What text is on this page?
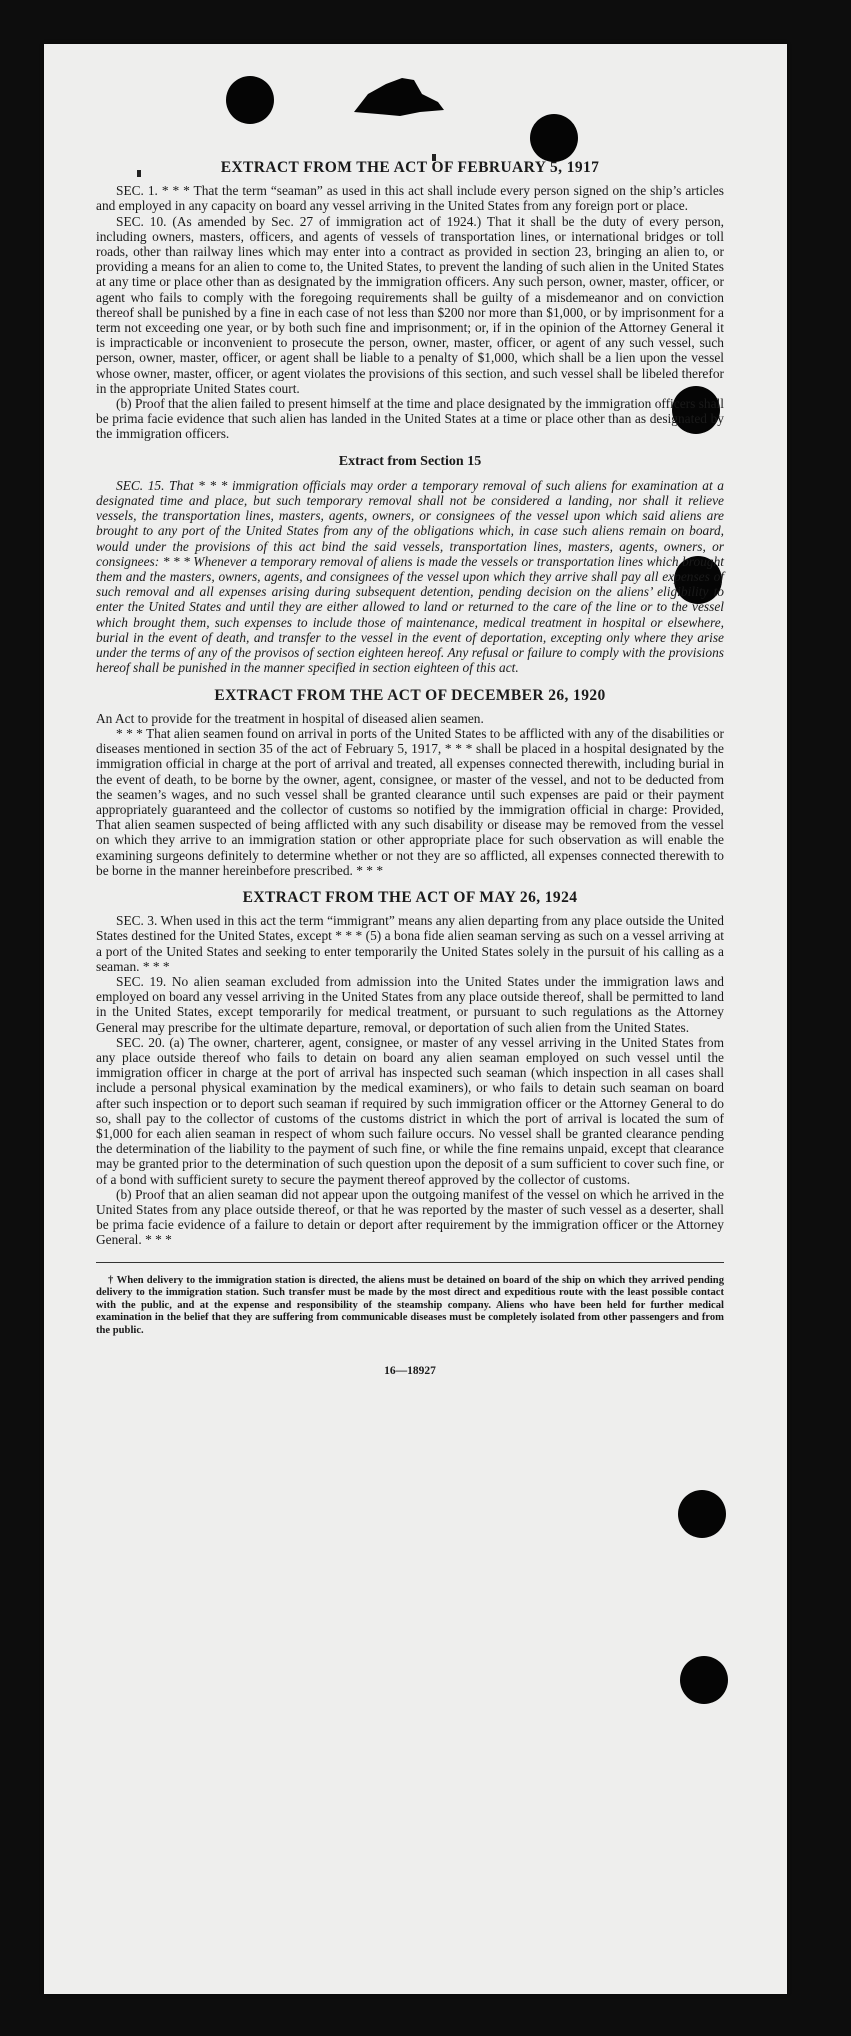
EXTRACT FROM THE ACT OF FEBRUARY 5, 1917

SEC. 1. * * * That the term “seaman” as used in this act shall include every person signed on the ship’s articles and employed in any capacity on board any vessel arriving in the United States from any foreign port or place.

SEC. 10. (As amended by Sec. 27 of immigration act of 1924.) That it shall be the duty of every person, including owners, masters, officers, and agents of vessels of transportation lines, or international bridges or toll roads, other than railway lines which may enter into a contract as provided in section 23, bringing an alien to, or providing a means for an alien to come to, the United States, to prevent the landing of such alien in the United States at any time or place other than as designated by the immigration officers. Any such person, owner, master, officer, or agent who fails to comply with the foregoing requirements shall be guilty of a misdemeanor and on conviction thereof shall be punished by a fine in each case of not less than $200 nor more than $1,000, or by imprisonment for a term not exceeding one year, or by both such fine and imprisonment; or, if in the opinion of the Attorney General it is impracticable or inconvenient to prosecute the person, owner, master, officer, or agent of any such vessel, such person, owner, master, officer, or agent shall be liable to a penalty of $1,000, which shall be a lien upon the vessel whose owner, master, officer, or agent violates the provisions of this section, and such vessel shall be libeled therefor in the appropriate United States court.

(b) Proof that the alien failed to present himself at the time and place designated by the immigration officers shall be prima facie evidence that such alien has landed in the United States at a time or place other than as designated by the immigration officers.

Extract from Section 15

SEC. 15. That * * * immigration officials may order a temporary removal of such aliens for examination at a designated time and place, but such temporary removal shall not be considered a landing, nor shall it relieve vessels, the transportation lines, masters, agents, owners, or consignees of the vessel upon which said aliens are brought to any port of the United States from any of the obligations which, in case such aliens remain on board, would under the provisions of this act bind the said vessels, transportation lines, masters, agents, owners, or consignees: * * * Whenever a temporary removal of aliens is made the vessels or transportation lines which brought them and the masters, owners, agents, and consignees of the vessel upon which they arrive shall pay all expenses of such removal and all expenses arising during subsequent detention, pending decision on the aliens’ eligibility to enter the United States and until they are either allowed to land or returned to the care of the line or to the vessel which brought them, such expenses to include those of maintenance, medical treatment in hospital or elsewhere, burial in the event of death, and transfer to the vessel in the event of deportation, excepting only where they arise under the terms of any of the provisos of section eighteen hereof. Any refusal or failure to comply with the provisions hereof shall be punished in the manner specified in section eighteen of this act.

EXTRACT FROM THE ACT OF DECEMBER 26, 1920

An Act to provide for the treatment in hospital of diseased alien seamen.

* * * That alien seamen found on arrival in ports of the United States to be afflicted with any of the disabilities or diseases mentioned in section 35 of the act of February 5, 1917, * * * shall be placed in a hospital designated by the immigration official in charge at the port of arrival and treated, all expenses connected therewith, including burial in the event of death, to be borne by the owner, agent, consignee, or master of the vessel, and not to be deducted from the seamen’s wages, and no such vessel shall be granted clearance until such expenses are paid or their payment appropriately guaranteed and the collector of customs so notified by the immigration official in charge: Provided, That alien seamen suspected of being afflicted with any such disability or disease may be removed from the vessel on which they arrive to an immigration station or other appropriate place for such observation as will enable the examining surgeons definitely to determine whether or not they are so afflicted, all expenses connected therewith to be borne in the manner hereinbefore prescribed. * * *

EXTRACT FROM THE ACT OF MAY 26, 1924

SEC. 3. When used in this act the term “immigrant” means any alien departing from any place outside the United States destined for the United States, except * * * (5) a bona fide alien seaman serving as such on a vessel arriving at a port of the United States and seeking to enter temporarily the United States solely in the pursuit of his calling as a seaman. * * *

SEC. 19. No alien seaman excluded from admission into the United States under the immigration laws and employed on board any vessel arriving in the United States from any place outside thereof, shall be permitted to land in the United States, except temporarily for medical treatment, or pursuant to such regulations as the Attorney General may prescribe for the ultimate departure, removal, or deportation of such alien from the United States.

SEC. 20. (a) The owner, charterer, agent, consignee, or master of any vessel arriving in the United States from any place outside thereof who fails to detain on board any alien seaman employed on such vessel until the immigration officer in charge at the port of arrival has inspected such seaman (which inspection in all cases shall include a personal physical examination by the medical examiners), or who fails to detain such seaman on board after such inspection or to deport such seaman if required by such immigration officer or the Attorney General to do so, shall pay to the collector of customs of the customs district in which the port of arrival is located the sum of $1,000 for each alien seaman in respect of whom such failure occurs. No vessel shall be granted clearance pending the determination of the liability to the payment of such fine, or while the fine remains unpaid, except that clearance may be granted prior to the determination of such question upon the deposit of a sum sufficient to cover such fine, or of a bond with sufficient surety to secure the payment thereof approved by the collector of customs.

(b) Proof that an alien seaman did not appear upon the outgoing manifest of the vessel on which he arrived in the United States from any place outside thereof, or that he was reported by the master of such vessel as a deserter, shall be prima facie evidence of a failure to detain or deport after requirement by the immigration officer or the Attorney General. * * *

† When delivery to the immigration station is directed, the aliens must be detained on board of the ship on which they arrived pending delivery to the immigration station. Such transfer must be made by the most direct and expeditious route with the least possible contact with the public, and at the expense and responsibility of the steamship company. Aliens who have been held for further medical examination in the belief that they are suffering from communicable diseases must be completely isolated from other passengers and from the public.

16—18927
